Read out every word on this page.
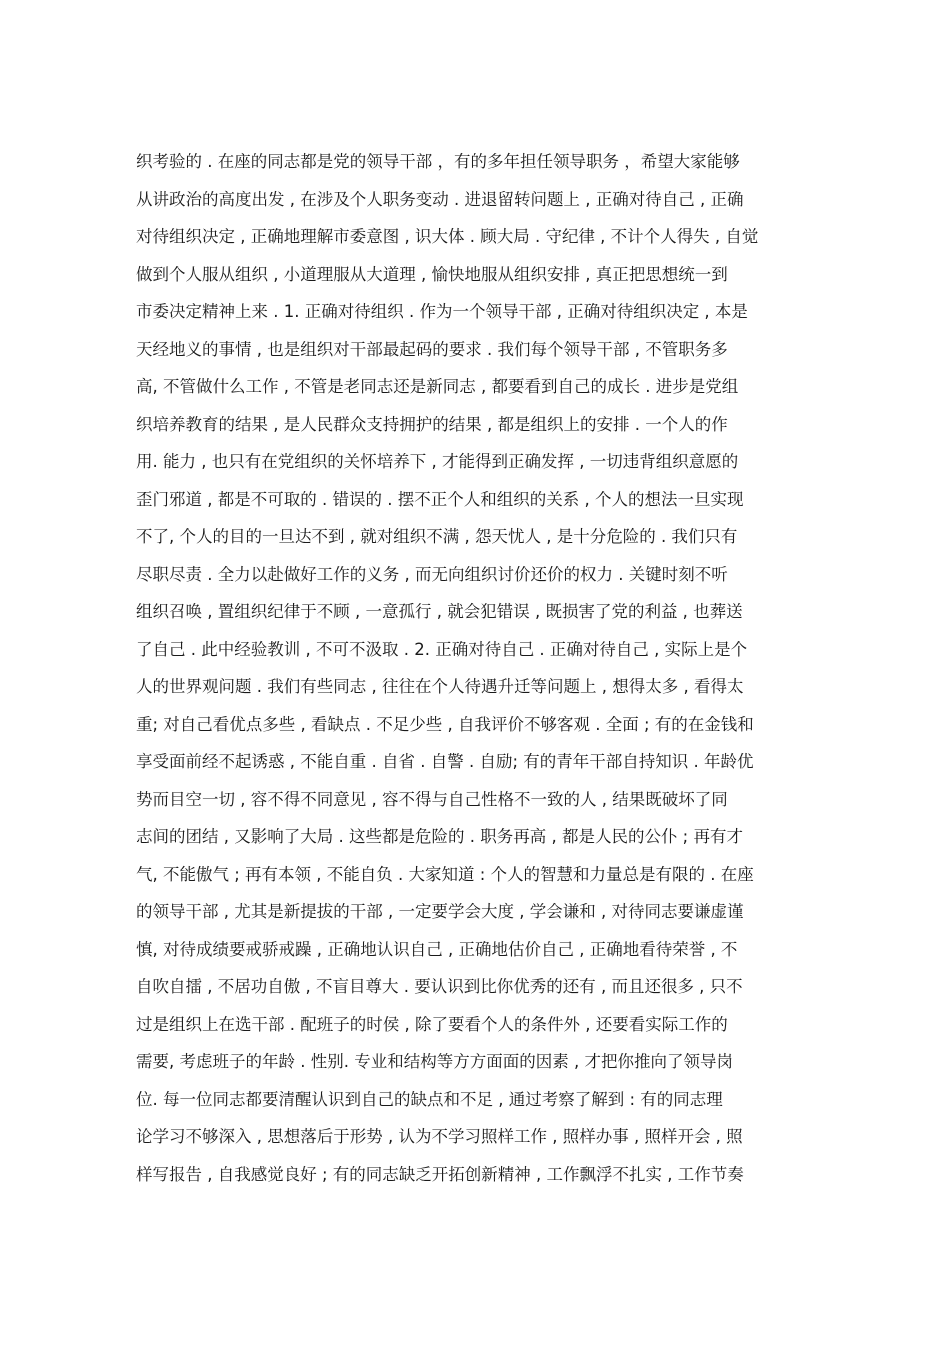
织考验的 . 在座的同志都是党的领导干部 ，有的多年担任领导职务 ，希望大家能够
从讲政治的高度出发 , 在涉及个人职务变动 . 进退留转问题上 , 正确对待自己 , 正确
对待组织决定 , 正确地理解市委意图 , 识大体 . 顾大局 . 守纪律 , 不计个人得失 , 自觉
做到个人服从组织 , 小道理服从大道理 , 愉快地服从组织安排 , 真正把思想统一到
市委决定精神上来 . 1. 正确对待组织 . 作为一个领导干部 , 正确对待组织决定 , 本是
天经地义的事情 , 也是组织对干部最起码的要求 . 我们每个领导干部 , 不管职务多
高, 不管做什么工作 , 不管是老同志还是新同志 , 都要看到自己的成长 . 进步是党组
织培养教育的结果 , 是人民群众支持拥护的结果 , 都是组织上的安排 . 一个人的作
用. 能力 , 也只有在党组织的关怀培养下 , 才能得到正确发挥 , 一切违背组织意愿的
歪门邪道 , 都是不可取的 . 错误的 . 摆不正个人和组织的关系 , 个人的想法一旦实现
不了, 个人的目的一旦达不到 , 就对组织不满 , 怨天忧人 , 是十分危险的 . 我们只有
尽职尽责 . 全力以赴做好工作的义务 , 而无向组织讨价还价的权力 . 关键时刻不听
组织召唤 , 置组织纪律于不顾 , 一意孤行 , 就会犯错误 , 既损害了党的利益 , 也葬送
了自己 . 此中经验教训 , 不可不汲取 . 2. 正确对待自己 . 正确对待自己 , 实际上是个
人的世界观问题 . 我们有些同志 , 往往在个人待遇升迁等问题上 , 想得太多 , 看得太
重; 对自己看优点多些 , 看缺点 . 不足少些 , 自我评价不够客观 . 全面 ; 有的在金钱和
享受面前经不起诱惑 , 不能自重 . 自省 . 自警 . 自励; 有的青年干部自持知识 . 年龄优
势而目空一切 , 容不得不同意见 , 容不得与自己性格不一致的人 , 结果既破坏了同
志间的团结 , 又影响了大局 . 这些都是危险的 . 职务再高 , 都是人民的公仆 ; 再有才
气, 不能傲气 ; 再有本领 , 不能自负 . 大家知道 : 个人的智慧和力量总是有限的 . 在座
的领导干部 , 尤其是新提拔的干部 , 一定要学会大度 , 学会谦和 , 对待同志要谦虚谨
慎, 对待成绩要戒骄戒躁 , 正确地认识自己 , 正确地估价自己 , 正确地看待荣誉 , 不
自吹自擂 , 不居功自傲 , 不盲目尊大 . 要认识到比你优秀的还有 , 而且还很多 , 只不
过是组织上在选干部 . 配班子的时侯 , 除了要看个人的条件外 , 还要看实际工作的
需要, 考虑班子的年龄 . 性别. 专业和结构等方方面面的因素 , 才把你推向了领导岗
位. 每一位同志都要清醒认识到自己的缺点和不足 , 通过考察了解到 : 有的同志理
论学习不够深入 , 思想落后于形势 , 认为不学习照样工作 , 照样办事 , 照样开会 , 照
样写报告 , 自我感觉良好 ; 有的同志缺乏开拓创新精神 , 工作飘浮不扎实 , 工作节奏
